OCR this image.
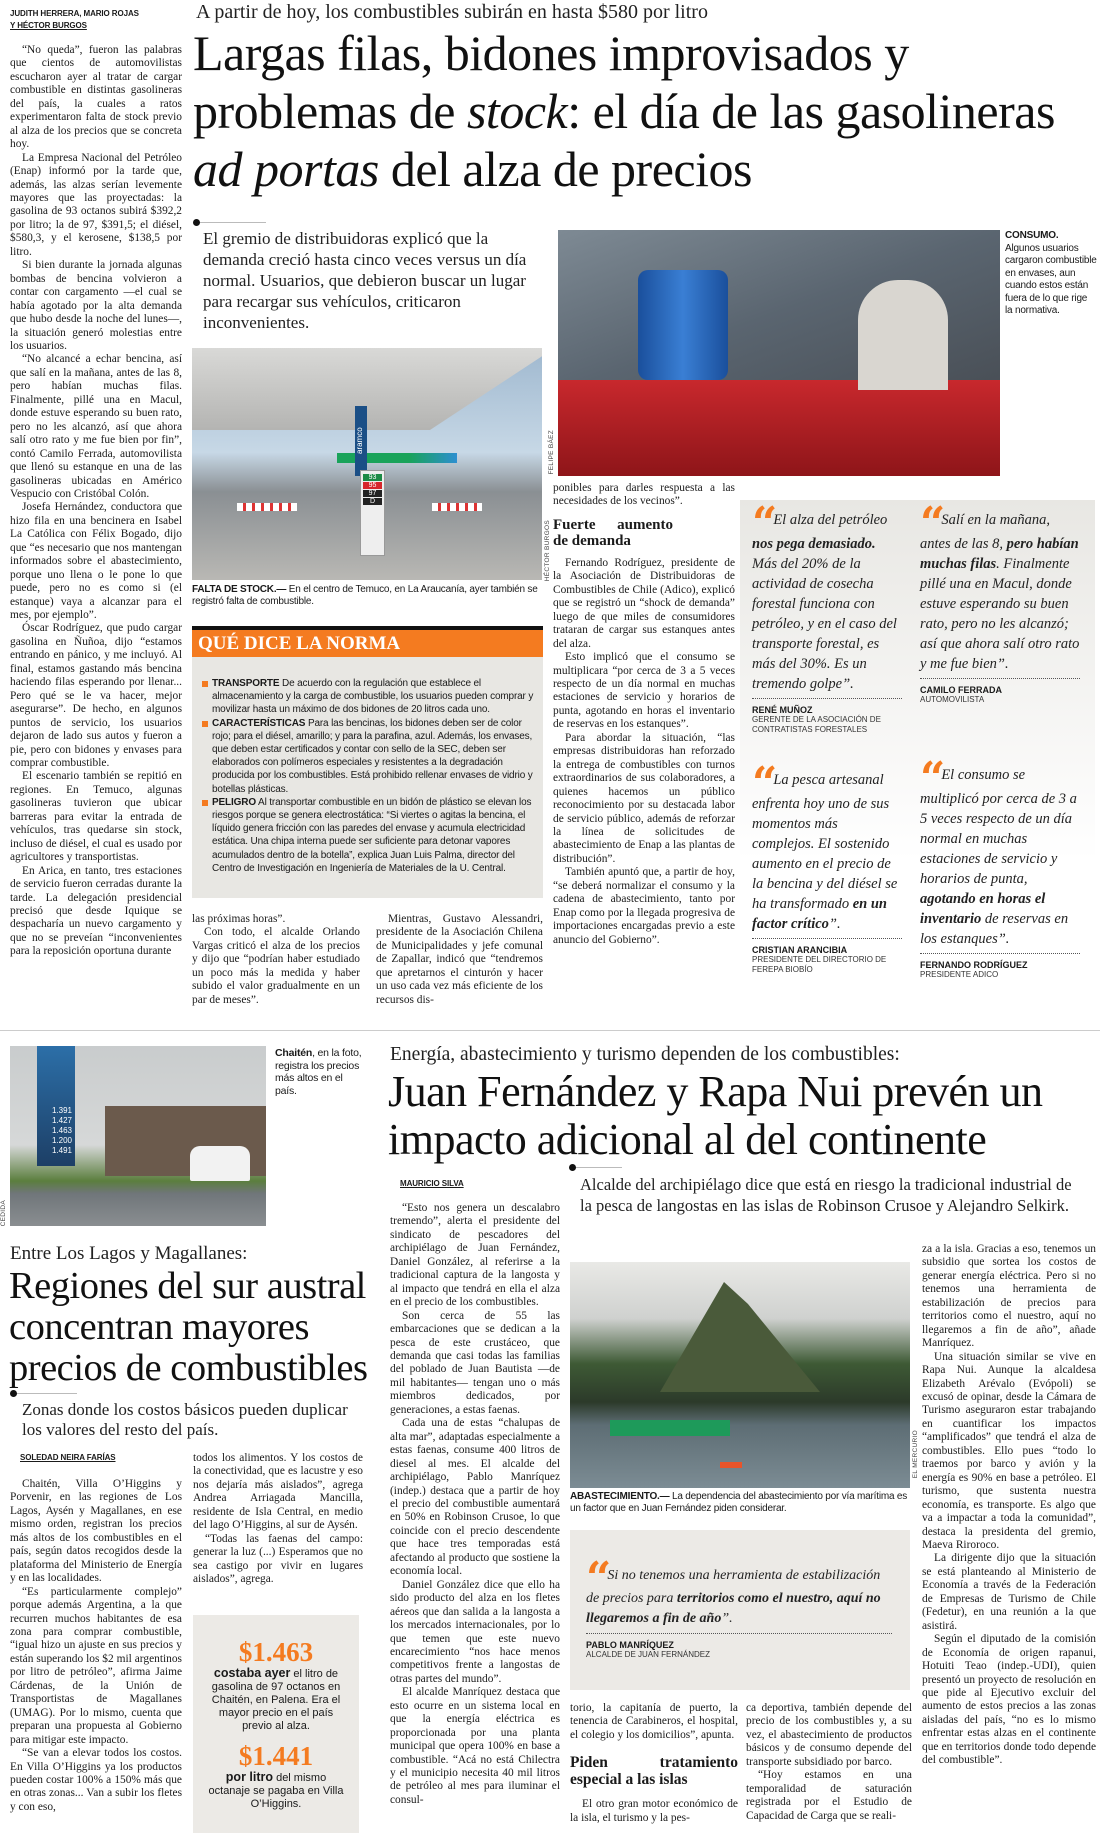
JUDITH HERRERA, MARIO ROJAS
Y HÉCTOR BURGOS

“No queda”, fueron las palabras que cientos de automovilistas escucharon ayer al tratar de cargar combustible en distintas gasolineras del país, la cuales a ratos experimentaron falta de stock previo al alza de los precios que se concreta hoy.

La Empresa Nacional del Petróleo (Enap) informó por la tarde que, además, las alzas serían levemente mayores que las proyectadas: la gasolina de 93 octanos subirá $392,2 por litro; la de 97, $391,5; el diésel, $580,3, y el kerosene, $138,5 por litro.

Si bien durante la jornada algunas bombas de bencina volvieron a contar con cargamento —el cual se había agotado por la alta demanda que hubo desde la noche del lunes—, la situación generó molestias entre los usuarios.

“No alcancé a echar bencina, así que salí en la mañana, antes de las 8, pero habían muchas filas. Finalmente, pillé una en Macul, donde estuve esperando su buen rato, pero no les alcanzó, así que ahora salí otro rato y me fue bien por fin”, contó Camilo Ferrada, automovilista que llenó su estanque en una de las gasolineras ubicadas en Américo Vespucio con Cristóbal Colón.

Josefa Hernández, conductora que hizo fila en una bencinera en Isabel La Católica con Félix Bogado, dijo que “es necesario que nos mantengan informados sobre el abastecimiento, porque uno llena o le pone lo que puede, pero no es como si (el estanque) vaya a alcanzar para el mes, por ejemplo”.

Óscar Rodríguez, que pudo cargar gasolina en Ñuñoa, dijo “estamos entrando en pánico, y me incluyó. Al final, estamos gastando más bencina haciendo filas esperando por llenar... Pero qué se le va hacer, mejor asegurarse”. De hecho, en algunos puntos de servicio, los usuarios dejaron de lado sus autos y fueron a pie, pero con bidones y envases para comprar combustible.

El escenario también se repitió en regiones. En Temuco, algunas gasolineras tuvieron que ubicar barreras para evitar la entrada de vehículos, tras quedarse sin stock, incluso de diésel, el cual es usado por agricultores y transportistas.

En Arica, en tanto, tres estaciones de servicio fueron cerradas durante la tarde. La delegación presidencial precisó que desde Iquique se despacharía un nuevo cargamento y que no se preveían “inconvenientes para la reposición oportuna durante

A partir de hoy, los combustibles subirán en hasta $580 por litro
Largas filas, bidones improvisados y problemas de stock: el día de las gasolineras ad portas del alza de precios
El gremio de distribuidoras explicó que la demanda creció hasta cinco veces versus un día normal. Usuarios, que debieron buscar un lugar para recargar sus vehículos, criticaron inconvenientes.
aramco
93
95
97
D
HÉCTOR BURGOS
FALTA DE STOCK.— En el centro de Temuco, en La Araucanía, ayer también se registró falta de combustible.
FELIPE BÁEZ
CONSUMO.
Algunos usuarios cargaron combustible en envases, aun cuando estos están fuera de lo que rige la normativa.
QUÉ DICE LA NORMA
TRANSPORTE De acuerdo con la regulación que establece el almacenamiento y la carga de combustible, los usuarios pueden comprar y movilizar hasta un máximo de dos bidones de 20 litros cada uno.
CARACTERÍSTICAS Para las bencinas, los bidones deben ser de color rojo; para el diésel, amarillo; y para la parafina, azul. Además, los envases, que deben estar certificados y contar con sello de la SEC, deben ser elaborados con polímeros especiales y resistentes a la degradación producida por los combustibles. Está prohibido rellenar envases de vidrio y botellas plásticas.
PELIGRO Al transportar combustible en un bidón de plástico se elevan los riesgos porque se genera electrostática: “Si viertes o agitas la bencina, el líquido genera fricción con las paredes del envase y acumula electricidad estática. Una chipa interna puede ser suficiente para detonar vapores acumulados dentro de la botella”, explica Juan Luis Palma, director del Centro de Investigación en Ingeniería de Materiales de la U. Central.

las próximas horas”.

Con todo, el alcalde Orlando Vargas criticó el alza de los precios y dijo que “podrían haber estudiado un poco más la medida y haber subido el valor gradualmente en un par de meses”.

Mientras, Gustavo Alessandri, presidente de la Asociación Chilena de Municipalidades y jefe comunal de Zapallar, indicó que “tendremos que apretarnos el cinturón y hacer un uso cada vez más eficiente de los recursos dis-

ponibles para darles respuesta a las necesidades de los vecinos”.

Fuerte aumento de demanda

Fernando Rodríguez, presidente de la Asociación de Distribuidoras de Combustibles de Chile (Adico), explicó que se registró un “shock de demanda” luego de que miles de consumidores trataran de cargar sus estanques antes del alza.

Esto implicó que el consumo se multiplicara “por cerca de 3 a 5 veces respecto de un día normal en muchas estaciones de servicio y horarios de punta, agotando en horas el inventario de reservas en los estanques”.

Para abordar la situación, “las empresas distribuidoras han reforzado la entrega de combustibles con turnos extraordinarios de sus colaboradores, a quienes hacemos un público reconocimiento por su destacada labor de servicio público, además de reforzar la línea de solicitudes de abastecimiento de Enap a las plantas de distribución”.

También apuntó que, a partir de hoy, “se deberá normalizar el consumo y la cadena de abastecimiento, tanto por Enap como por la llegada progresiva de importaciones encargadas previo a este anuncio del Gobierno”.

“ El alza del petróleo nos pega demasiado. Más del 20% de la actividad de cosecha forestal funciona con petróleo, y en el caso del transporte forestal, es más del 30%. Es un tremendo golpe”.
RENÉ MUÑOZ
GERENTE DE LA ASOCIACIÓN DE CONTRATISTAS FORESTALES
“ Salí en la mañana, antes de las 8, pero habían muchas filas. Finalmente pillé una en Macul, donde estuve esperando su buen rato, pero no les alcanzó; así que ahora salí otro rato y me fue bien”.
CAMILO FERRADA
AUTOMOVILISTA
“ La pesca artesanal enfrenta hoy uno de sus momentos más complejos. El sostenido aumento en el precio de la bencina y del diésel se ha transformado en un factor crítico”.
CRISTIAN ARANCIBIA
PRESIDENTE DEL DIRECTORIO DE FEREPA BIOBÍO
“ El consumo se multiplicó por cerca de 3 a 5 veces respecto de un día normal en muchas estaciones de servicio y horarios de punta, agotando en horas el inventario de reservas en los estanques”.
FERNANDO RODRÍGUEZ
PRESIDENTE ADICO
1.391
1.427
1.463
1.200
1.491
CEDIDA
Chaitén, en la foto, registra los precios más altos en el país.
Entre Los Lagos y Magallanes:
Regiones del sur austral concentran mayores precios de combustibles
Zonas donde los costos básicos pueden duplicar los valores del resto del país.
SOLEDAD NEIRA FARÍAS

Chaitén, Villa O’Higgins y Porvenir, en las regiones de Los Lagos, Aysén y Magallanes, en ese mismo orden, registran los precios más altos de los combustibles en el país, según datos recogidos desde la plataforma del Ministerio de Energía y en las localidades.

“Es particularmente complejo” porque además Argentina, a la que recurren muchos habitantes de esa zona para comprar combustible, “igual hizo un ajuste en sus precios y están superando los $2 mil argentinos por litro de petróleo”, afirma Jaime Cárdenas, de la Unión de Transportistas de Magallanes (UMAG). Por lo mismo, cuenta que preparan una propuesta al Gobierno para mitigar este impacto.

“Se van a elevar todos los costos. En Villa O’Higgins ya los productos pueden costar 100% a 150% más que en otras zonas... Van a subir los fletes y con eso,

todos los alimentos. Y los costos de la conectividad, que es lacustre y eso nos dejaría más aislados”, agrega Andrea Arriagada Mancilla, residente de Isla Central, en medio del lago O’Higgins, al sur de Aysén.

“Todas las faenas del campo: generar la luz (...) Esperamos que no sea castigo por vivir en lugares aislados”, agrega.

$1.463
costaba ayer el litro de gasolina de 97 octanos en Chaitén, en Palena. Era el mayor precio en el país previo al alza.
$1.441
por litro del mismo octanaje se pagaba en Villa O’Higgins.
Energía, abastecimiento y turismo dependen de los combustibles:
Juan Fernández y Rapa Nui prevén un impacto adicional al del continente
MAURICIO SILVA	Alcalde del archipiélago dice que está en riesgo la tradicional industrial de la pesca de langostas en las islas de Robinson Crusoe y Alejandro Selkirk.

“Esto nos genera un descalabro tremendo”, alerta el presidente del sindicato de pescadores del archipiélago de Juan Fernández, Daniel González, al referirse a la tradicional captura de la langosta y al impacto que tendrá en ella el alza en el precio de los combustibles.

Son cerca de 55 las embarcaciones que se dedican a la pesca de este crustáceo, que demanda que casi todas las familias del poblado de Juan Bautista —de mil habitantes— tengan uno o más miembros dedicados, por generaciones, a estas faenas.

Cada una de estas “chalupas de alta mar”, adaptadas especialmente a estas faenas, consume 400 litros de diesel al mes. El alcalde del archipiélago, Pablo Manríquez (indep.) destaca que a partir de hoy el precio del combustible aumentará en 50% en Robinson Crusoe, lo que coincide con el precio descendente que hace tres temporadas está afectando al producto que sostiene la economía local.

Daniel González dice que ello ha sido producto del alza en los fletes aéreos que dan salida a la langosta a los mercados internacionales, por lo que temen que este nuevo encarecimiento “nos hace menos competitivos frente a langostas de otras partes del mundo”.

El alcalde Manríquez destaca que esto ocurre en un sistema local en que la energía eléctrica es proporcionada por una planta municipal que opera 100% en base a combustible. “Acá no está Chilectra y el municipio necesita 40 mil litros de petróleo al mes para iluminar el consul-

EL MERCURIO
ABASTECIMIENTO.— La dependencia del abastecimiento por vía marítima es un factor que en Juan Fernández piden considerar.
“ Si no tenemos una herramienta de estabilización de precios para territorios como el nuestro, aquí no llegaremos a fin de año”.
PABLO MANRÍQUEZ
ALCALDE DE JUAN FERNÁNDEZ

torio, la capitanía de puerto, la tenencia de Carabineros, el hospital, el colegio y los domicilios”, apunta.

Piden tratamiento especial a las islas

El otro gran motor económico de la isla, el turismo y la pes-

ca deportiva, también depende del precio de los combustibles y, a su vez, el abastecimiento de productos básicos y de consumo depende del transporte subsidiado por barco.

“Hoy estamos en una temporalidad de saturación registrada por el Estudio de Capacidad de Carga que se reali-

za a la isla. Gracias a eso, tenemos un subsidio que sortea los costos de generar energía eléctrica. Pero si no tenemos una herramienta de estabilización de precios para territorios como el nuestro, aquí no llegaremos a fin de año”, añade Manríquez.

Una situación similar se vive en Rapa Nui. Aunque la alcaldesa Elizabeth Arévalo (Evópoli) se excusó de opinar, desde la Cámara de Turismo aseguraron estar trabajando en cuantificar los impactos “amplificados” que tendrá el alza de combustibles. Ello pues “todo lo traemos por barco y avión y la energía es 90% en base a petróleo. El turismo, que sustenta nuestra economía, es transporte. Es algo que va a impactar a toda la comunidad”, destaca la presidenta del gremio, Maeva Riroroco.

La dirigente dijo que la situación se está planteando al Ministerio de Economía a través de la Federación de Empresas de Turismo de Chile (Fedetur), en una reunión a la que asistirá.

Según el diputado de la comisión de Economía de origen rapanui, Hotuiti Teao (indep.-UDI), quien presentó un proyecto de resolución en que pide al Ejecutivo excluir del aumento de estos precios a las zonas aisladas del país, “no es lo mismo enfrentar estas alzas en el continente que en territorios donde todo depende del combustible”.
